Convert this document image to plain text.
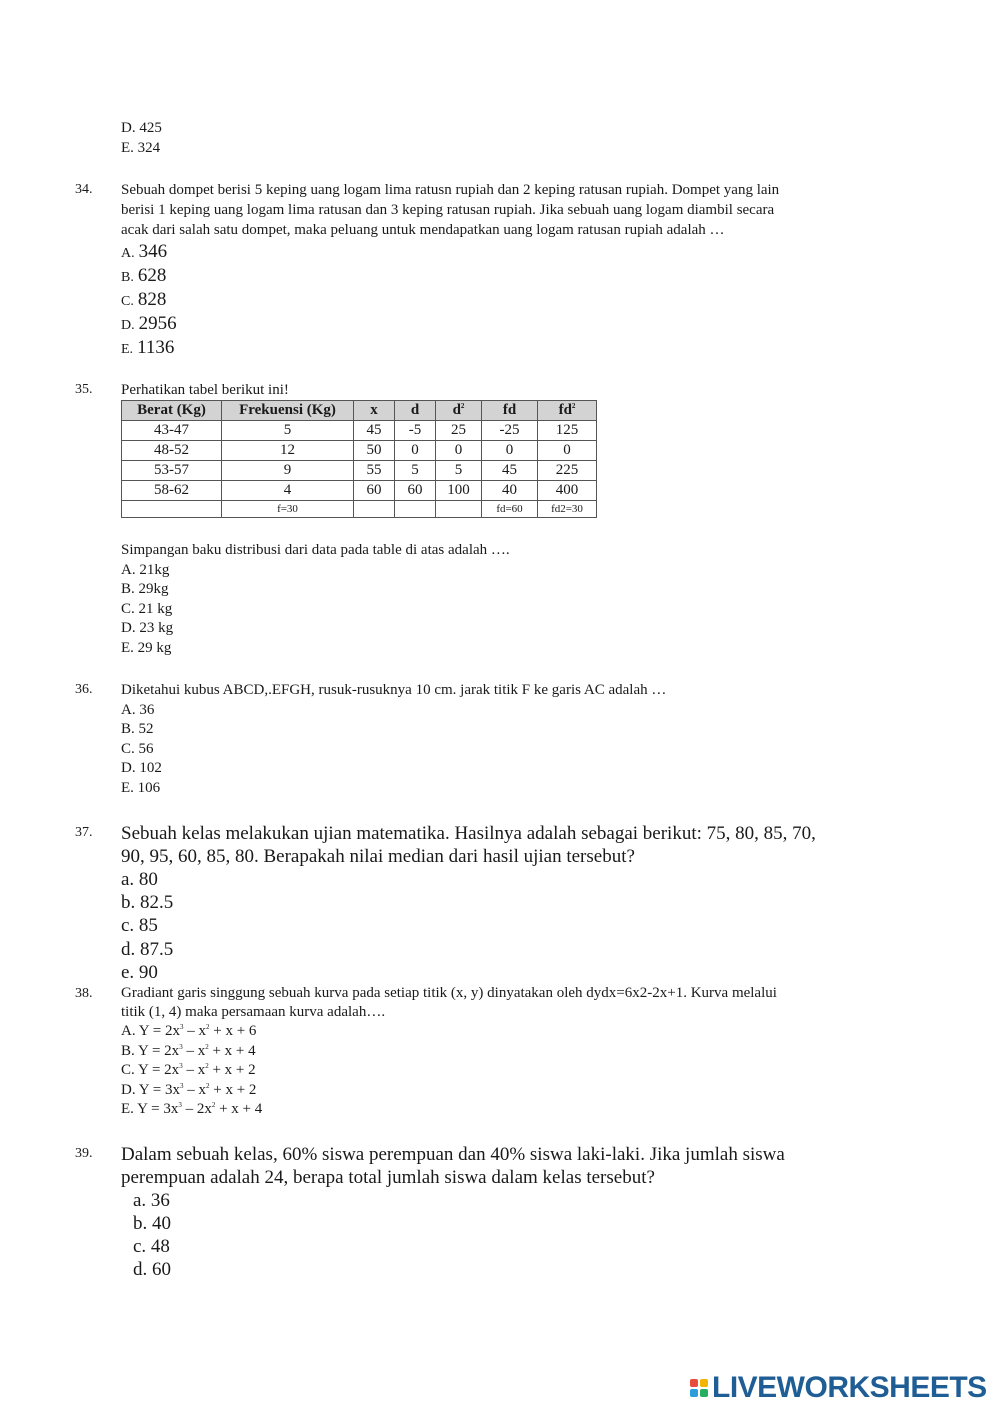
D. 425
E. 324
34. Sebuah dompet berisi 5 keping uang logam lima ratusn rupiah dan 2 keping ratusan rupiah. Dompet yang lain
berisi 1 keping uang logam lima ratusan dan 3 keping ratusan rupiah. Jika sebuah uang logam diambil secara
acak dari salah satu dompet, maka peluang untuk mendapatkan uang logam ratusan rupiah adalah …
A. 346
B. 628
C. 828
D. 2956
E. 1136
35. Perhatikan tabel berikut ini!
Berat (Kg)	Frekuensi (Kg)	x	d	$d^2$	fd	$fd^2$
43-47	5	45	-5	25	-25	125
48-52	12	50	0	0	0	0
53-57	9	55	5	5	45	225
58-62	4	60	60	100	40	400
	f=30				fd=60	fd2=30
Simpangan baku distribusi dari data pada table di atas adalah ….
A. 21kg
B. 29kg
C. 21 kg
D. 23 kg
E. 29 kg
36. Diketahui kubus ABCD,.EFGH, rusuk-rusuknya 10 cm. jarak titik F ke garis AC adalah …
A. 36
B. 52
C. 56
D. 102
E. 106
37. Sebuah kelas melakukan ujian matematika. Hasilnya adalah sebagai berikut: 75, 80, 85, 70,
90, 95, 60, 85, 80. Berapakah nilai median dari hasil ujian tersebut?
a. 80
b. 82.5
c. 85
d. 87.5
e. 90
38. Gradiant garis singgung sebuah kurva pada setiap titik (x, y) dinyatakan oleh dydx=6x2-2x+1. Kurva melalui
titik (1, 4) maka persamaan kurva adalah….
A. $Y = 2x^3 - x^2 + x + 6$
B. $Y = 2x^3 - x^2 + x + 4$
C. $Y = 2x^3 - x^2 + x + 2$
D. $Y = 3x^3 - x^2 + x + 2$
E. $Y = 3x^3 - 2x^2 + x + 4$
39. Dalam sebuah kelas, 60% siswa perempuan dan 40% siswa laki-laki. Jika jumlah siswa
perempuan adalah 24, berapa total jumlah siswa dalam kelas tersebut?
a. 36
b. 40
c. 48
d. 60
LIVEWORKSHEETS
